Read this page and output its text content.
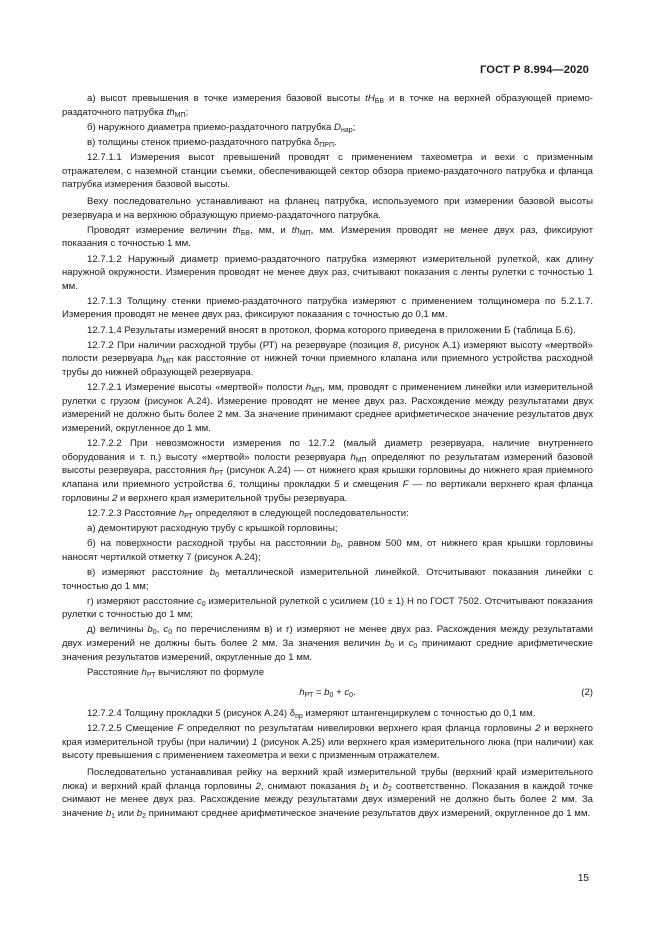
ГОСТ Р 8.994—2020

а) высот превышения в точке измерения базовой высоты $tH_{БВ}$ и в точке на верхней образующей приемо-раздаточного патрубка $th_{МП}$;

б) наружного диаметра приемо-раздаточного патрубка $D_{нар}$;

в) толщины стенок приемо-раздаточного патрубка $\delta_{ПРП}$.

12.7.1.1 Измерения высот превышений проводят с применением тахеометра и вехи с призменным отражателем, с наземной станции съемки, обеспечивающей сектор обзора приемо-раздаточного патрубка и фланца патрубка измерения базовой высоты.

Веху последовательно устанавливают на фланец патрубка, используемого при измерении базовой высоты резервуара и на верхнюю образующую приемо-раздаточного патрубка.

Проводят измерение величин $th_{БВ}$, мм, и $th_{МП}$, мм. Измерения проводят не менее двух раз, фиксируют показания с точностью 1 мм.

12.7.1.2 Наружный диаметр приемо-раздаточного патрубка измеряют измерительной рулеткой, как длину наружной окружности. Измерения проводят не менее двух раз, считывают показания с ленты рулетки с точностью 1 мм.

12.7.1.3 Толщину стенки приемо-раздаточного патрубка измеряют с применением толщиномера по 5.2.1.7. Измерения проводят не менее двух раз, фиксируют показания с точностью до 0,1 мм.

12.7.1.4 Результаты измерений вносят в протокол, форма которого приведена в приложении Б (таблица Б.6).

12.7.2 При наличии расходной трубы (РТ) на резервуаре (позиция 8, рисунок А.1) измеряют высоту «мертвой» полости резервуара $h_{МП}$ как расстояние от нижней точки приемного клапана или приемного устройства расходной трубы до нижней образующей резервуара.

12.7.2.1 Измерение высоты «мертвой» полости $h_{МП}$, мм, проводят с применением линейки или измерительной рулетки с грузом (рисунок А.24). Измерение проводят не менее двух раз. Расхождение между результатами двух измерений не должно быть более 2 мм. За значение принимают среднее арифметическое значение результатов двух измерений, округленное до 1 мм.

12.7.2.2 При невозможности измерения по 12.7.2 (малый диаметр резервуара, наличие внутреннего оборудования и т. п.) высоту «мертвой» полости резервуара $h_{МП}$ определяют по результатам измерений базовой высоты резервуара, расстояния $h_{РТ}$ (рисунок А.24) — от нижнего края крышки горловины до нижнего края приемного клапана или приемного устройства 6, толщины прокладки 5 и смещения F — по вертикали верхнего края фланца горловины 2 и верхнего края измерительной трубы резервуара.

12.7.2.3 Расстояние $h_{РТ}$ определяют в следующей последовательности:

а) демонтируют расходную трубу с крышкой горловины;

б) на поверхности расходной трубы на расстоянии $b_0$, равном 500 мм, от нижнего края крышки горловины наносят чертилкой отметку 7 (рисунок А.24);

в) измеряют расстояние $b_0$ металлической измерительной линейкой. Отсчитывают показания линейки с точностью до 1 мм;

г) измеряют расстояние $c_0$ измерительной рулеткой с усилием (10 ± 1) Н по ГОСТ 7502. Отсчитывают показания рулетки с точностью до 1 мм;

д) величины $b_0$, $c_0$ по перечислениям в) и г) измеряют не менее двух раз. Расхождения между результатами двух измерений не должны быть более 2 мм. За значения величин $b_0$ и $c_0$ принимают средние арифметические значения результатов измерений, округленные до 1 мм.

Расстояние $h_{РТ}$ вычисляют по формуле

$h_{РТ} = b_0 + c_0$.	(2)

12.7.2.4 Толщину прокладки 5 (рисунок А.24) $\delta_{пр}$ измеряют штангенциркулем с точностью до 0,1 мм.

12.7.2.5 Смещение F определяют по результатам нивелировки верхнего края фланца горловины 2 и верхнего края измерительной трубы (при наличии) 1 (рисунок А.25) или верхнего края измерительного люка (при наличии) как высоту превышения с применением тахеометра и вехи с призменным отражателем.

Последовательно устанавливая рейку на верхний край измерительной трубы (верхний край измерительного люка) и верхний край фланца горловины 2, снимают показания $b_1$ и $b_2$ соответственно. Показания в каждой точке снимают не менее двух раз. Расхождение между результатами двух измерений не должно быть более 2 мм. За значение $b_1$ или $b_2$ принимают среднее арифметическое значение результатов двух измерений, округленное до 1 мм.

15
